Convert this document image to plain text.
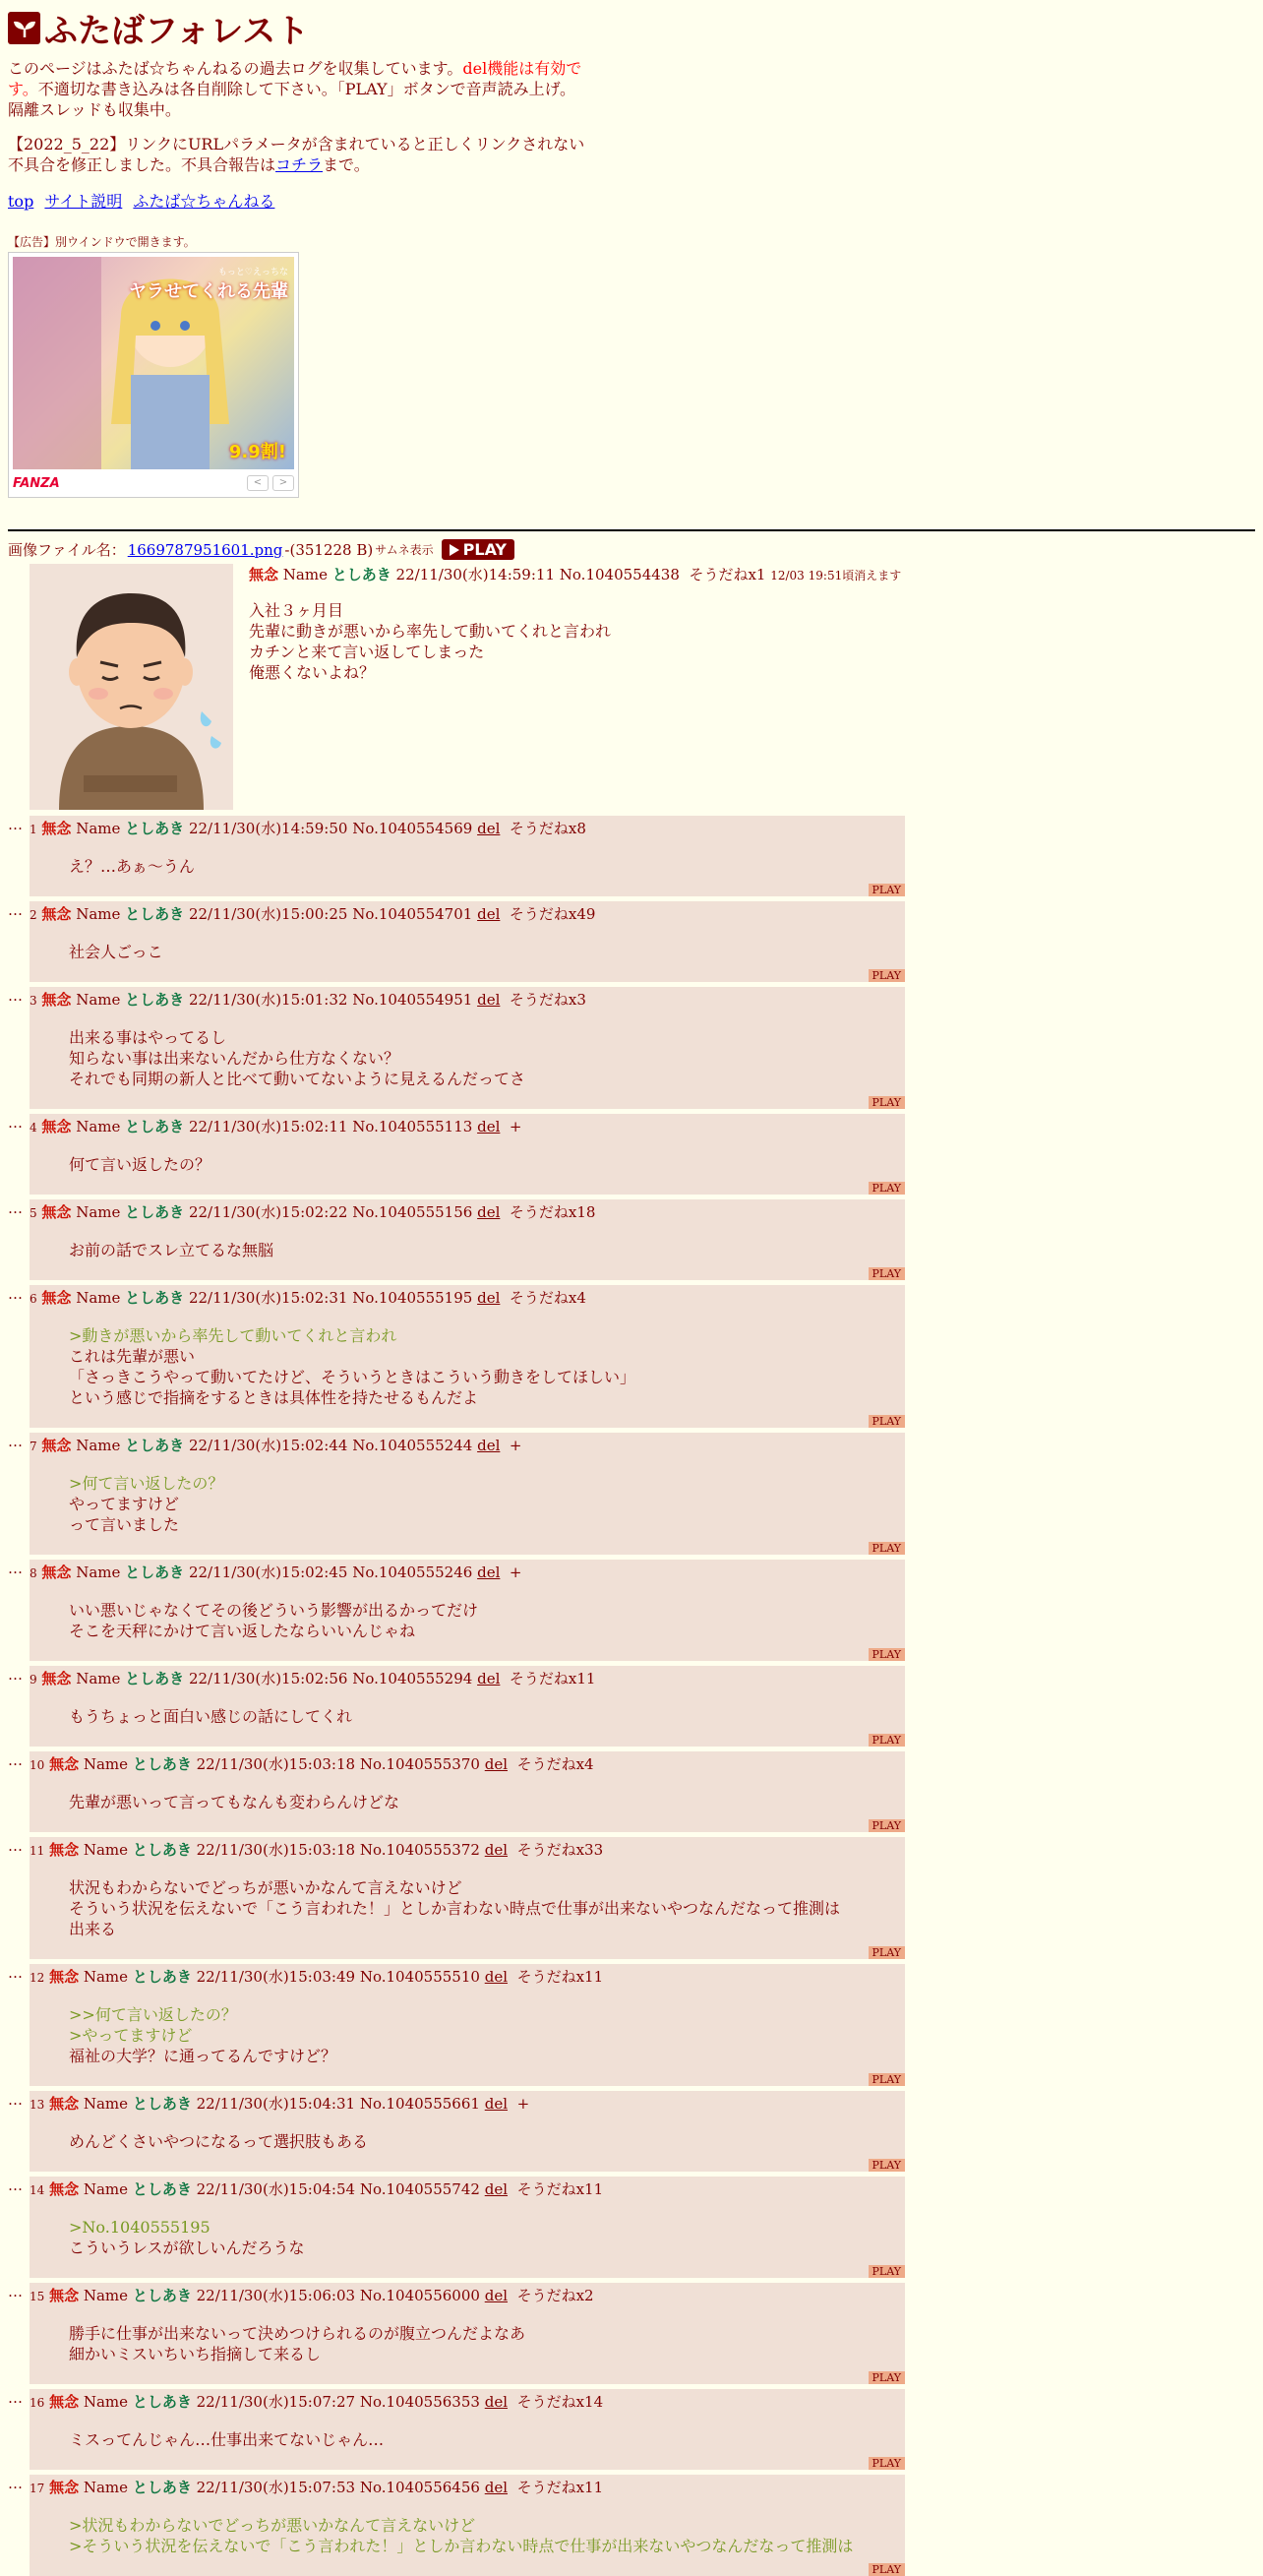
ふたばフォレスト

このページはふたば☆ちゃんねるの過去ログを収集しています。del機能は有効です。不適切な書き込みは各自削除して下さい。「PLAY」ボタンで音声読み上げ。隔離スレッドも収集中。

【2022_5_22】リンクにURLパラメータが含まれていると正しくリンクされない不具合を修正しました。不具合報告はコチラまで。

top サイト説明 ふたば☆ちゃんねる
【広告】別ウインドウで開きます。
もっと♡えっちな
ヤラせてくれる先輩
9.9割!
FANZA	<	>
画像ファイル名： 1669787951601.png -(351228 B) サムネ表示 PLAY
無念 Name としあき 22/11/30(水)14:59:11 No.1040554438 そうだねx1 12/03 19:51頃消えます
入社３ヶ月目
先輩に動きが悪いから率先して動いてくれと言われ
カチンと来て言い返してしまった
俺悪くないよね？
… 1 無念 Name としあき 22/11/30(水)14:59:50 No.1040554569 del そうだねx8
え？…あぁ〜うん
PLAY
… 2 無念 Name としあき 22/11/30(水)15:00:25 No.1040554701 del そうだねx49
社会人ごっこ
PLAY
… 3 無念 Name としあき 22/11/30(水)15:01:32 No.1040554951 del そうだねx3
出来る事はやってるし
知らない事は出来ないんだから仕方なくない？
それでも同期の新人と比べて動いてないように見えるんだってさ
PLAY
… 4 無念 Name としあき 22/11/30(水)15:02:11 No.1040555113 del +
何て言い返したの？
PLAY
… 5 無念 Name としあき 22/11/30(水)15:02:22 No.1040555156 del そうだねx18
お前の話でスレ立てるな無脳
PLAY
… 6 無念 Name としあき 22/11/30(水)15:02:31 No.1040555195 del そうだねx4
>動きが悪いから率先して動いてくれと言われ
これは先輩が悪い
「さっきこうやって動いてたけど、そういうときはこういう動きをしてほしい」
という感じで指摘をするときは具体性を持たせるもんだよ
PLAY
… 7 無念 Name としあき 22/11/30(水)15:02:44 No.1040555244 del +
>何て言い返したの？
やってますけど
って言いました
PLAY
… 8 無念 Name としあき 22/11/30(水)15:02:45 No.1040555246 del +
いい悪いじゃなくてその後どういう影響が出るかってだけ
そこを天秤にかけて言い返したならいいんじゃね
PLAY
… 9 無念 Name としあき 22/11/30(水)15:02:56 No.1040555294 del そうだねx11
もうちょっと面白い感じの話にしてくれ
PLAY
… 10 無念 Name としあき 22/11/30(水)15:03:18 No.1040555370 del そうだねx4
先輩が悪いって言ってもなんも変わらんけどな
PLAY
… 11 無念 Name としあき 22/11/30(水)15:03:18 No.1040555372 del そうだねx33
状況もわからないでどっちが悪いかなんて言えないけど
そういう状況を伝えないで「こう言われた！」としか言わない時点で仕事が出来ないやつなんだなって推測は
出来る
PLAY
… 12 無念 Name としあき 22/11/30(水)15:03:49 No.1040555510 del そうだねx11
>>何て言い返したの？
>やってますけど
福祉の大学？に通ってるんですけど？
PLAY
… 13 無念 Name としあき 22/11/30(水)15:04:31 No.1040555661 del +
めんどくさいやつになるって選択肢もある
PLAY
… 14 無念 Name としあき 22/11/30(水)15:04:54 No.1040555742 del そうだねx11
>No.1040555195
こういうレスが欲しいんだろうな
PLAY
… 15 無念 Name としあき 22/11/30(水)15:06:03 No.1040556000 del そうだねx2
勝手に仕事が出来ないって決めつけられるのが腹立つんだよなあ
細かいミスいちいち指摘して来るし
PLAY
… 16 無念 Name としあき 22/11/30(水)15:07:27 No.1040556353 del そうだねx14
ミスってんじゃん…仕事出来てないじゃん…
PLAY
… 17 無念 Name としあき 22/11/30(水)15:07:53 No.1040556456 del そうだねx11
>状況もわからないでどっちが悪いかなんて言えないけど
>そういう状況を伝えないで「こう言われた！」としか言わない時点で仕事が出来ないやつなんだなって推測は
PLAY
